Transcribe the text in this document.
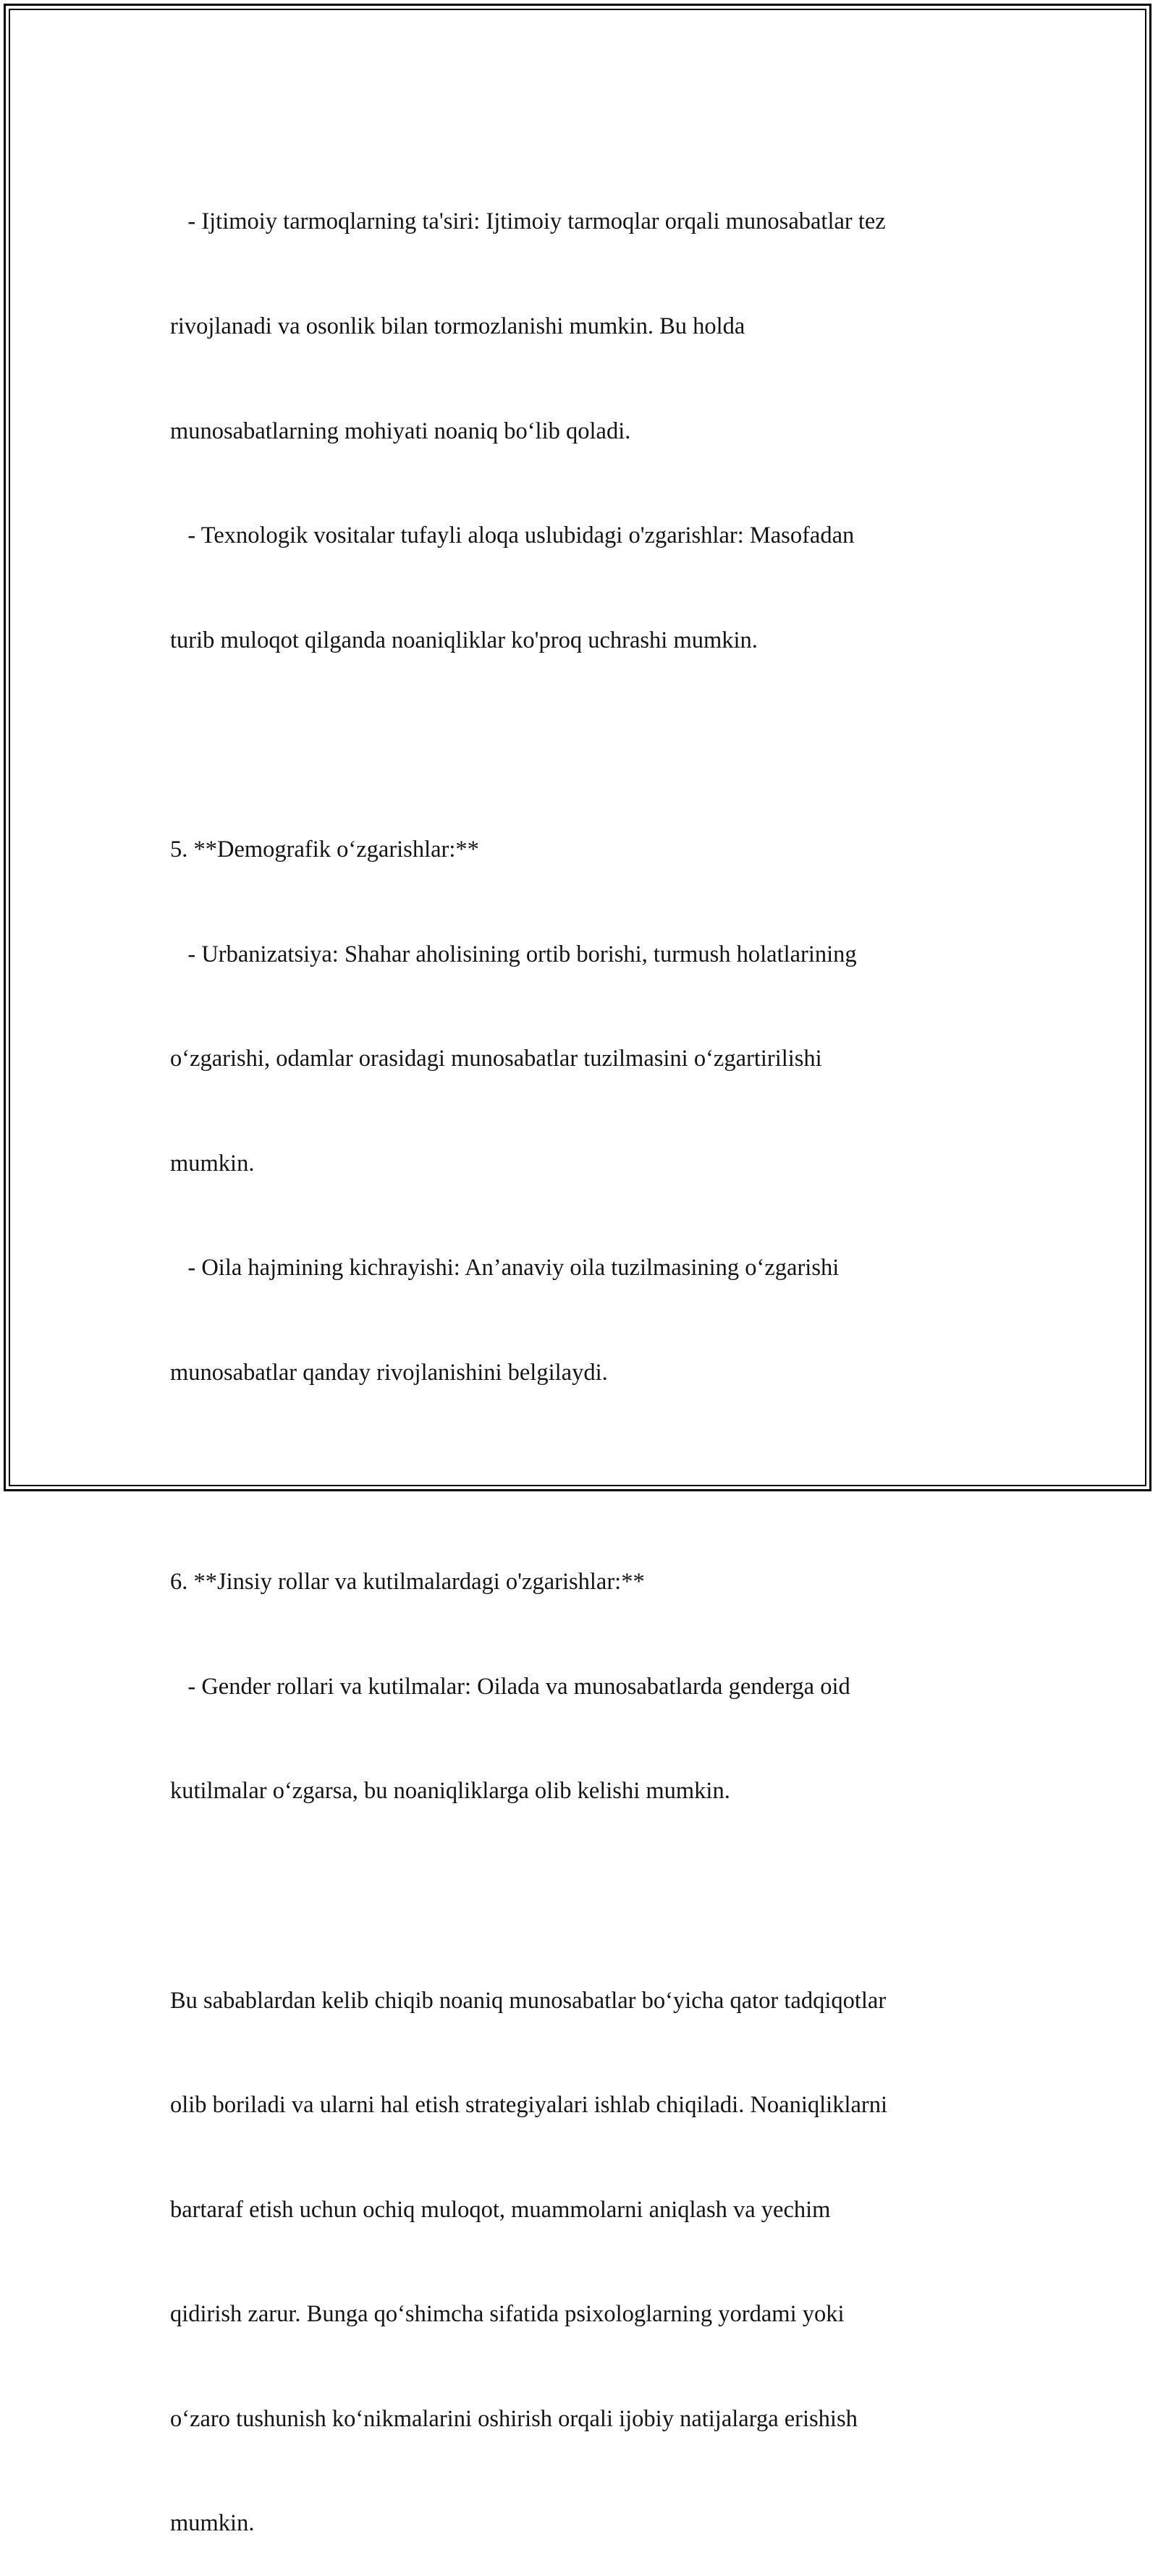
- Ijtimoiy tarmoqlarning ta'siri: Ijtimoiy tarmoqlar orqali munosabatlar tez

rivojlanadi va osonlik bilan tormozlanishi mumkin. Bu holda

munosabatlarning mohiyati noaniq bo‘lib qoladi.

- Texnologik vositalar tufayli aloqa uslubidagi o'zgarishlar: Masofadan

turib muloqot qilganda noaniqliklar ko'proq uchrashi mumkin.

5. **Demografik o‘zgarishlar:**

- Urbanizatsiya: Shahar aholisining ortib borishi, turmush holatlarining

o‘zgarishi, odamlar orasidagi munosabatlar tuzilmasini o‘zgartirilishi

mumkin.

- Oila hajmining kichrayishi: An’anaviy oila tuzilmasining o‘zgarishi

munosabatlar qanday rivojlanishini belgilaydi.

6. **Jinsiy rollar va kutilmalardagi o'zgarishlar:**

- Gender rollari va kutilmalar: Oilada va munosabatlarda genderga oid

kutilmalar o‘zgarsa, bu noaniqliklarga olib kelishi mumkin.

Bu sabablardan kelib chiqib noaniq munosabatlar bo‘yicha qator tadqiqotlar

olib boriladi va ularni hal etish strategiyalari ishlab chiqiladi. Noaniqliklarni

bartaraf etish uchun ochiq muloqot, muammolarni aniqlash va yechim

qidirish zarur. Bunga qo‘shimcha sifatida psixologlarning yordami yoki

o‘zaro tushunish ko‘nikmalarini oshirish orqali ijobiy natijalarga erishish

mumkin.
